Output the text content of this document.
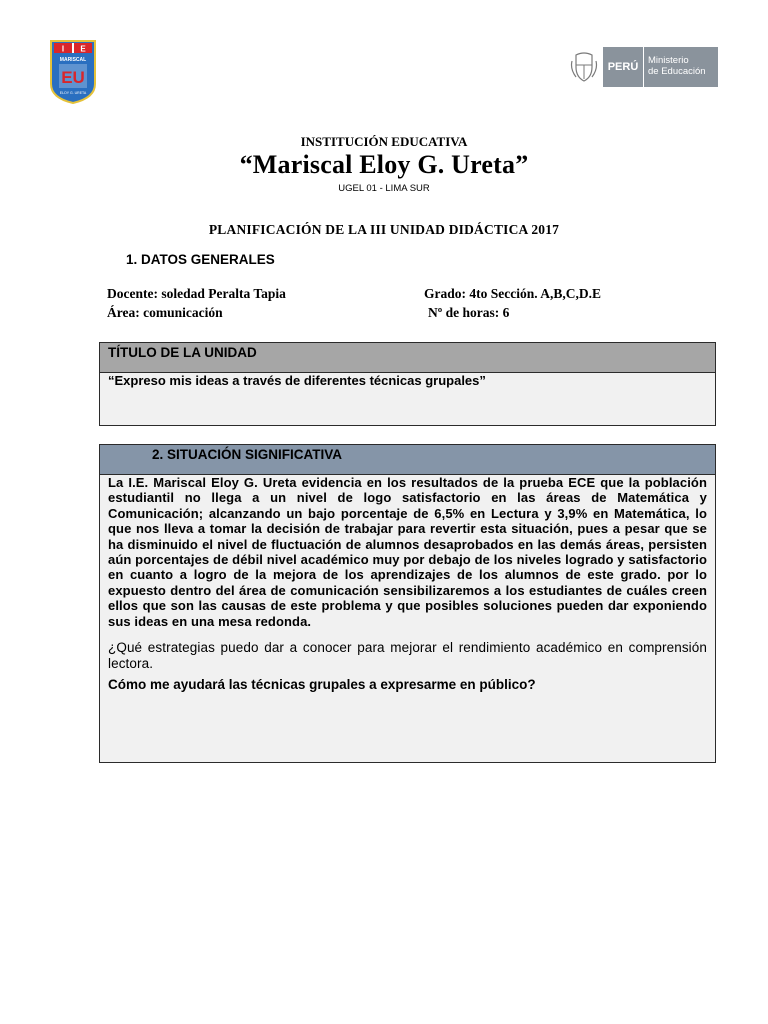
I E
MARISCAL
EU
ELOY G. URETA
PERÚ
Ministerio
de Educación
INSTITUCIÓN EDUCATIVA
“Mariscal Eloy G. Ureta”
UGEL 01 - LIMA SUR
PLANIFICACIÓN DE LA III UNIDAD DIDÁCTICA 2017
1. DATOS GENERALES
Docente: soledad Peralta Tapia
Área: comunicación
Grado: 4to Sección. A,B,C,D.E
Nº de horas: 6
TÍTULO DE LA UNIDAD
“Expreso mis ideas a través de diferentes técnicas grupales”
2. SITUACIÓN SIGNIFICATIVA
La I.E. Mariscal Eloy G. Ureta evidencia en los resultados de la prueba ECE que la población estudiantil no llega a un nivel de logo satisfactorio en las áreas de Matemática y Comunicación; alcanzando un bajo porcentaje de 6,5% en Lectura y 3,9% en Matemática, lo que nos lleva a tomar la decisión de trabajar para revertir esta situación, pues a pesar que se ha disminuido el nivel de fluctuación de alumnos desaprobados en las demás áreas, persisten aún porcentajes de débil nivel académico muy por debajo de los niveles logrado y satisfactorio en cuanto a logro de la mejora de los aprendizajes de los alumnos de este grado. por lo expuesto dentro del área de comunicación sensibilizaremos a los estudiantes de cuáles creen ellos que son las causas de este problema y que posibles soluciones pueden dar exponiendo sus ideas en una mesa redonda.
¿Qué estrategias puedo dar a conocer para mejorar el rendimiento académico en comprensión lectora.
Cómo me ayudará las técnicas grupales a expresarme en público?
